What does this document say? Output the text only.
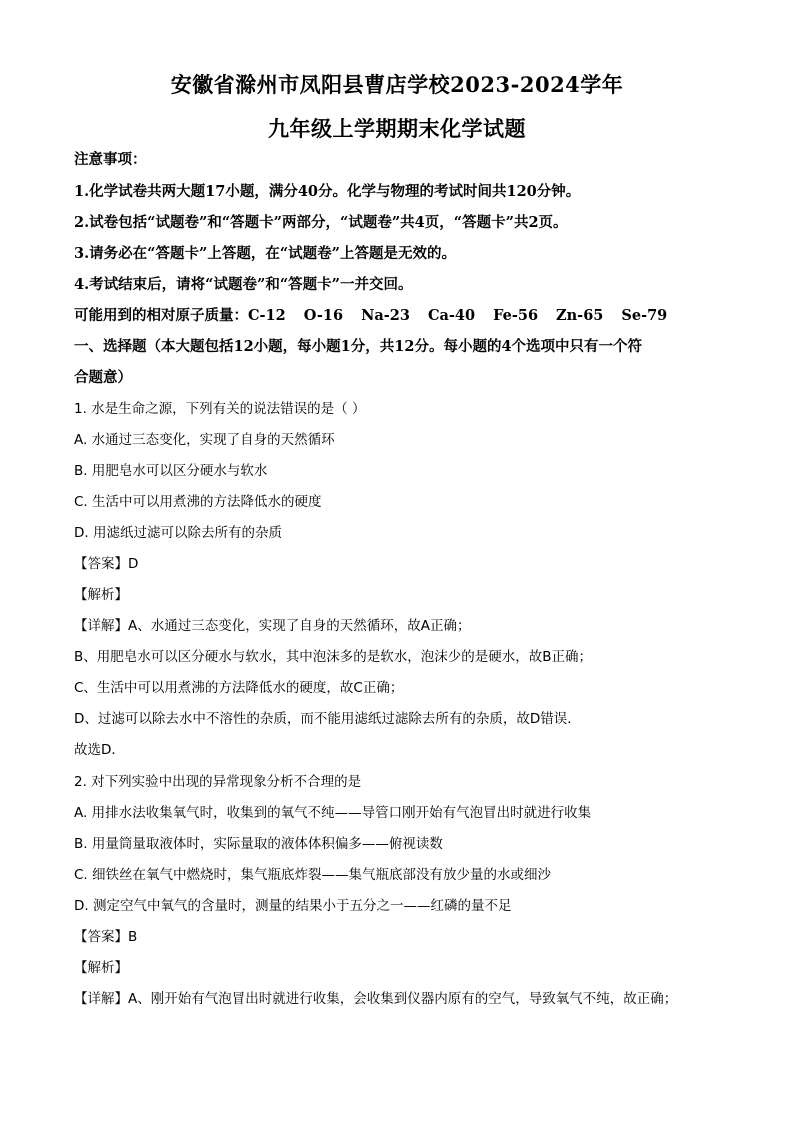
安徽省滁州市凤阳县曹店学校2023-2024学年
九年级上学期期末化学试题
注意事项：
1.化学试卷共两大题17小题，满分40分。化学与物理的考试时间共120分钟。
2.试卷包括“试题卷”和“答题卡”两部分，“试题卷”共4页，“答题卡”共2页。
3.请务必在“答题卡”上答题，在“试题卷”上答题是无效的。
4.考试结束后，请将“试题卷”和“答题卡”一并交回。
可能用到的相对原子质量：C-12 O-16 Na-23 Ca-40 Fe-56 Zn-65 Se-79
一、选择题（本大题包括12小题，每小题1分，共12分。每小题的4个选项中只有一个符
合题意）
1. 水是生命之源，下列有关的说法错误的是（ ）
A. 水通过三态变化，实现了自身的天然循环
B. 用肥皂水可以区分硬水与软水
C. 生活中可以用煮沸的方法降低水的硬度
D. 用滤纸过滤可以除去所有的杂质
【答案】D
【解析】
【详解】A、水通过三态变化，实现了自身的天然循环，故A正确；
B、用肥皂水可以区分硬水与软水，其中泡沫多的是软水，泡沫少的是硬水，故B正确；
C、生活中可以用煮沸的方法降低水的硬度，故C正确；
D、过滤可以除去水中不溶性的杂质，而不能用滤纸过滤除去所有的杂质，故D错误．
故选D．
2. 对下列实验中出现的异常现象分析不合理的是
A. 用排水法收集氧气时，收集到的氧气不纯——导管口刚开始有气泡冒出时就进行收集
B. 用量筒量取液体时，实际量取的液体体积偏多——俯视读数
C. 细铁丝在氧气中燃烧时，集气瓶底炸裂——集气瓶底部没有放少量的水或细沙
D. 测定空气中氧气的含量时，测量的结果小于五分之一——红磷的量不足
【答案】B
【解析】
【详解】A、刚开始有气泡冒出时就进行收集，会收集到仪器内原有的空气，导致氧气不纯，故正确；
